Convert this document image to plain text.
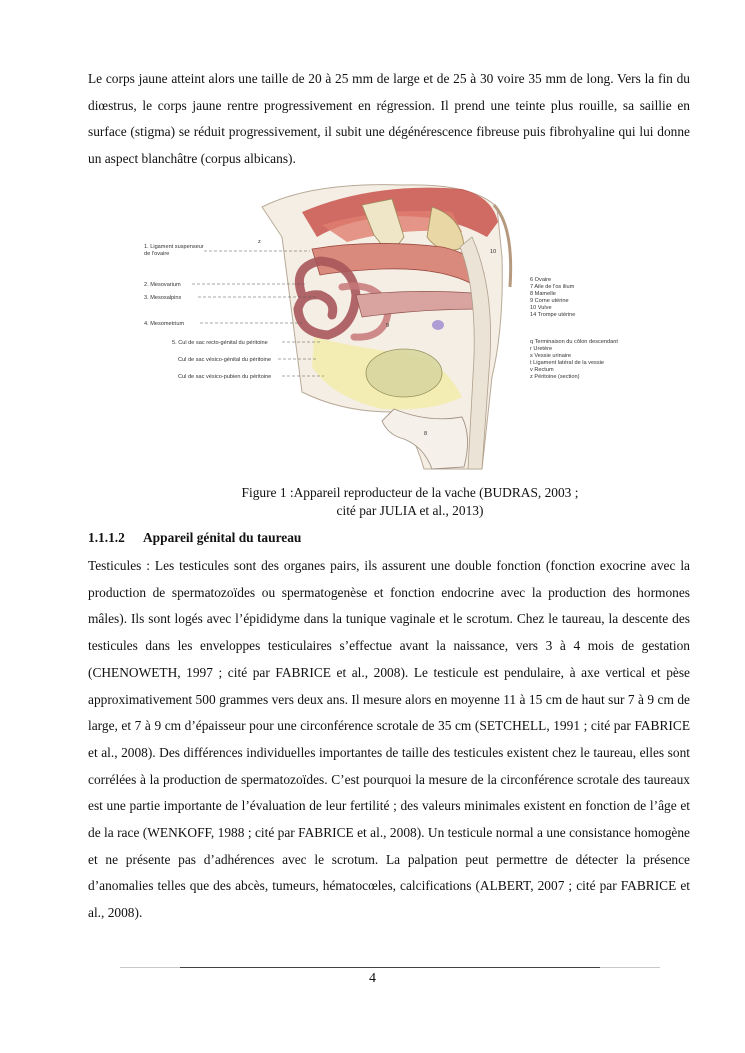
Le corps jaune atteint alors une taille de 20 à 25 mm de large et de 25 à 30 voire 35 mm de long. Vers la fin du diœstrus, le corps jaune rentre progressivement en régression. Il prend une teinte plus rouille, sa saillie en surface (stigma) se réduit progressivement, il subit une dégénérescence fibreuse puis fibrohyaline qui lui donne un aspect blanchâtre (corpus albicans).

1. Ligament suspenseur
de l'ovaire
2. Mesovarium
3. Mesosalpinx
4. Mesometrium
5. Cul de sac recto-génital du péritoine
Cul de sac vésico-génital du péritoine
Cul de sac vésico-pubien du péritoine
6 Ovaire
7 Aile de l'os ilium
8 Mamelle
9 Corne utérine
10 Vulve
14 Trompe utérine
q Terminaison du côlon descendant
r Uretère
s Vessie urinaire
t Ligament latéral de la vessie
v Rectum
z Péritoine (section)
z
10
8
9

Figure 1 :Appareil reproducteur de la vache (BUDRAS, 2003 ;
cité par JULIA et al., 2013)

1.1.1.2 Appareil génital du taureau

Testicules : Les testicules sont des organes pairs, ils assurent une double fonction (fonction exocrine avec la production de spermatozoïdes ou spermatogenèse et fonction endocrine avec la production des hormones mâles). Ils sont logés avec l’épididyme dans la tunique vaginale et le scrotum. Chez le taureau, la descente des testicules dans les enveloppes testiculaires s’effectue avant la naissance, vers 3 à 4 mois de gestation (CHENOWETH, 1997 ; cité par FABRICE et al., 2008). Le testicule est pendulaire, à axe vertical et pèse approximativement 500 grammes vers deux ans. Il mesure alors en moyenne 11 à 15 cm de haut sur 7 à 9 cm de large, et 7 à 9 cm d’épaisseur pour une circonférence scrotale de 35 cm (SETCHELL, 1991 ; cité par FABRICE et al., 2008). Des différences individuelles importantes de taille des testicules existent chez le taureau, elles sont corrélées à la production de spermatozoïdes. C’est pourquoi la mesure de la circonférence scrotale des taureaux est une partie importante de l’évaluation de leur fertilité ; des valeurs minimales existent en fonction de l’âge et de la race (WENKOFF, 1988 ; cité par FABRICE et al., 2008). Un testicule normal a une consistance homogène et ne présente pas d’adhérences avec le scrotum. La palpation peut permettre de détecter la présence d’anomalies telles que des abcès, tumeurs, hématocœles, calcifications (ALBERT, 2007 ; cité par FABRICE et al., 2008).

4
